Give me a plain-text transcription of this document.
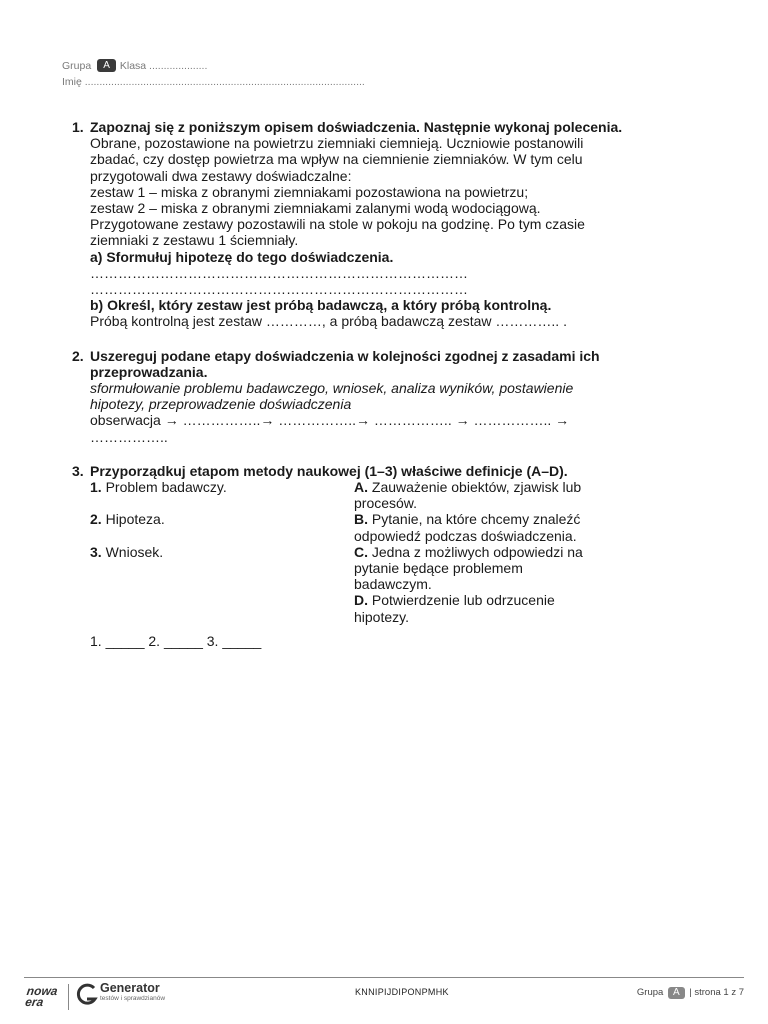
Grupa A Klasa ....................
Imię ................................................................................................
1. Zapoznaj się z poniższym opisem doświadczenia. Następnie wykonaj polecenia.
Obrane, pozostawione na powietrzu ziemniaki ciemnieją. Uczniowie postanowili zbadać, czy dostęp powietrza ma wpływ na ciemnienie ziemniaków. W tym celu przygotowali dwa zestawy doświadczalne:
zestaw 1 – miska z obranymi ziemniakami pozostawiona na powietrzu;
zestaw 2 – miska z obranymi ziemniakami zalanymi wodą wodociągową.
Przygotowane zestawy pozostawili na stole w pokoju na godzinę. Po tym czasie ziemniaki z zestawu 1 ściemniały.
a) Sformułuj hipotezę do tego doświadczenia.
………………………………………………………………………
………………………………………………………………………
b) Określ, który zestaw jest próbą badawczą, a który próbą kontrolną.
Próbą kontrolną jest zestaw …………, a próbą badawczą zestaw ………….. .
2. Uszereguj podane etapy doświadczenia w kolejności zgodnej z zasadami ich przeprowadzania.
sformułowanie problemu badawczego, wniosek, analiza wyników, postawienie hipotezy, przeprowadzenie doświadczenia
obserwacja → ……………..→ ……………..→ …………….. → …………….. → ……………..
3. Przyporządkuj etapom metody naukowej (1–3) właściwe definicje (A–D).
1. Problem badawczy.	A. Zauważenie obiektów, zjawisk lub procesów.
2. Hipoteza.	B. Pytanie, na które chcemy znaleźć odpowiedź podczas doświadczenia.
3. Wniosek.	C. Jedna z możliwych odpowiedzi na pytanie będące problemem badawczym.
D. Potwierdzenie lub odrzucenie hipotezy.
1. _____ 2. _____ 3. _____
nowa
era
Generator
testów i sprawdzianów
KNNIPIJDIPONPMHK	Grupa A | strona 1 z 7
